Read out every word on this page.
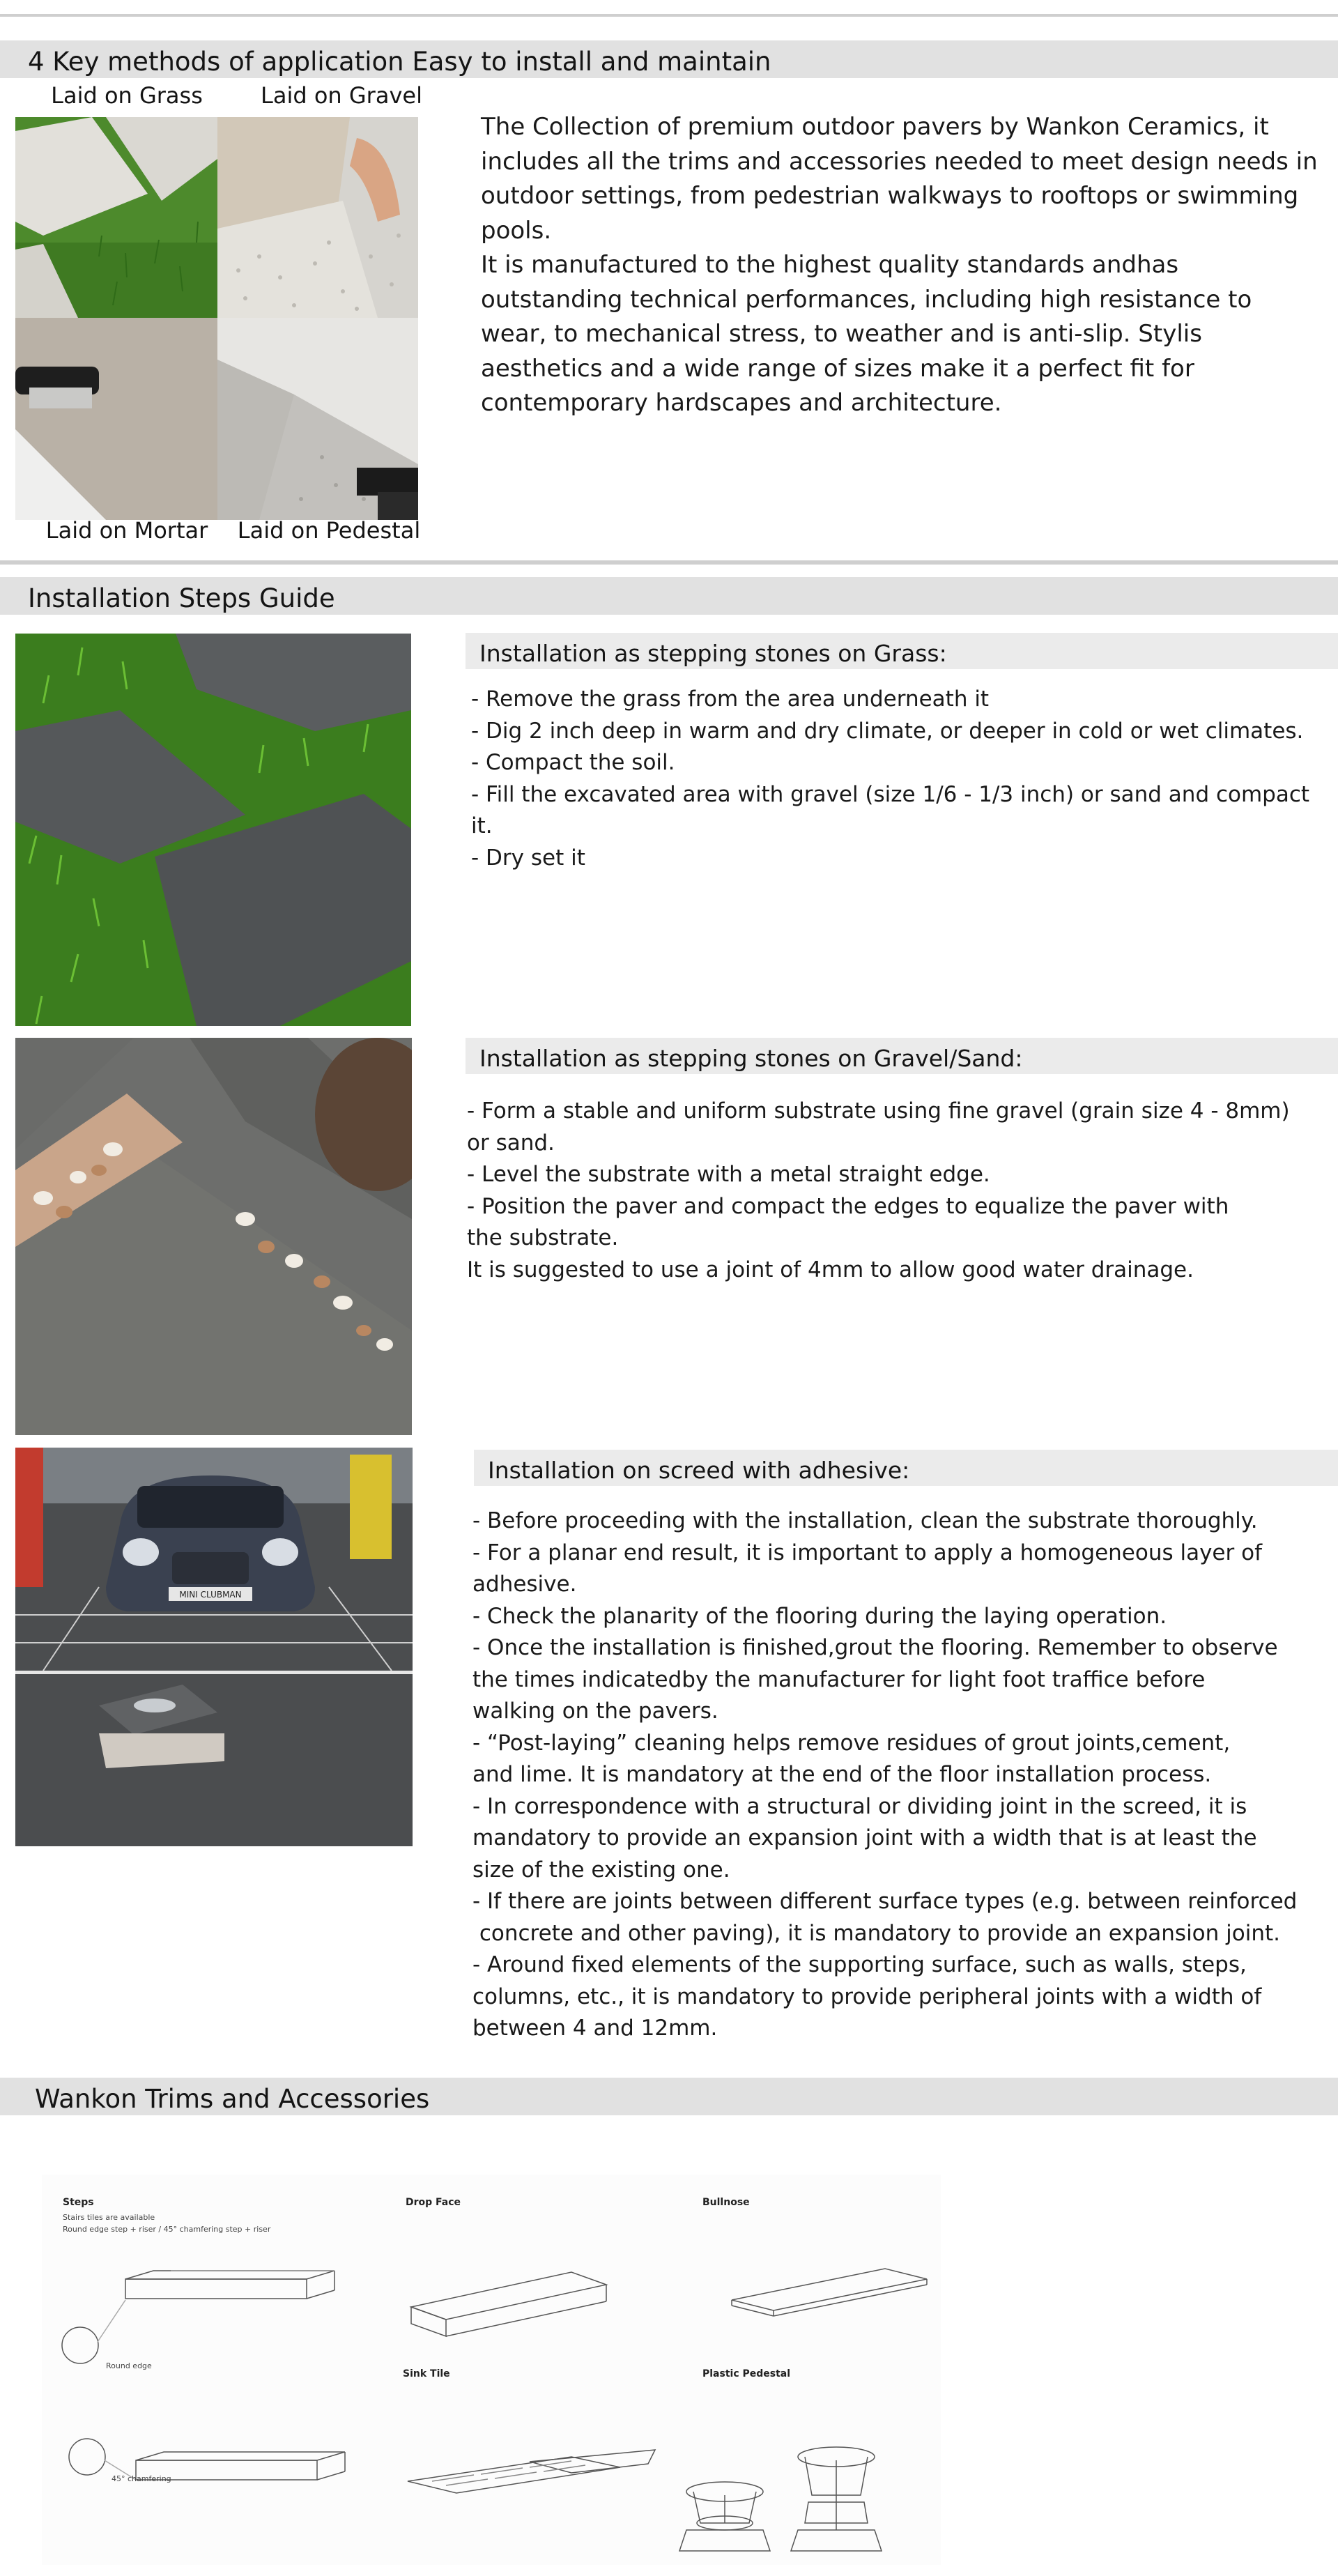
4 Key methods of application Easy to install and maintain
Laid on Grass	Laid on Gravel
Laid on Mortar	Laid on Pedestal

The Collection of premium outdoor pavers by Wankon Ceramics, it includes all the trims and accessories needed to meet design needs in outdoor settings, from pedestrian walkways to rooftops or swimming pools.

It is manufactured to the highest quality standards andhas outstanding technical performances, including high resistance to wear, to mechanical stress, to weather and is anti-slip. Stylis aesthetics and a wide range of sizes make it a perfect fit for contemporary hardscapes and architecture.

Installation Steps Guide
Installation as stepping stones on Grass:

- Remove the grass from the area underneath it

- Dig 2 inch deep in warm and dry climate, or deeper in cold or wet climates.

- Compact the soil.

- Fill the excavated area with gravel (size 1/6 - 1/3 inch) or sand and compact it.

- Dry set it

Installation as stepping stones on Gravel/Sand:

- Form a stable and uniform substrate using fine gravel (grain size 4 - 8mm)

or sand.

- Level the substrate with a metal straight edge.

- Position the paver and compact the edges to equalize the paver with

the substrate.

It is suggested to use a joint of 4mm to allow good water drainage.

MINI CLUBMAN
Installation on screed with adhesive:

- Before proceeding with the installation, clean the substrate thoroughly.

- For a planar end result, it is important to apply a homogeneous layer of

adhesive.

- Check the planarity of the flooring during the laying operation.

- Once the installation is finished,grout the flooring. Remember to observe

the times indicatedby the manufacturer for light foot traffice before

walking on the pavers.

- “Post-laying” cleaning helps remove residues of grout joints,cement,

and lime. It is mandatory at the end of the floor installation process.

- In correspondence with a structural or dividing joint in the screed, it is

mandatory to provide an expansion joint with a width that is at least the

size of the existing one.

- If there are joints between different surface types (e.g. between reinforced

concrete and other paving), it is mandatory to provide an expansion joint.

- Around fixed elements of the supporting surface, such as walls, steps,

columns, etc., it is mandatory to provide peripheral joints with a width of

between 4 and 12mm.

Wankon Trims and Accessories
Steps
Stairs tiles are available
Round edge step + riser / 45° chamfering step + riser
Round edge
45° chamfering
Drop Face	Bullnose
Sink Tile	Plastic Pedestal
